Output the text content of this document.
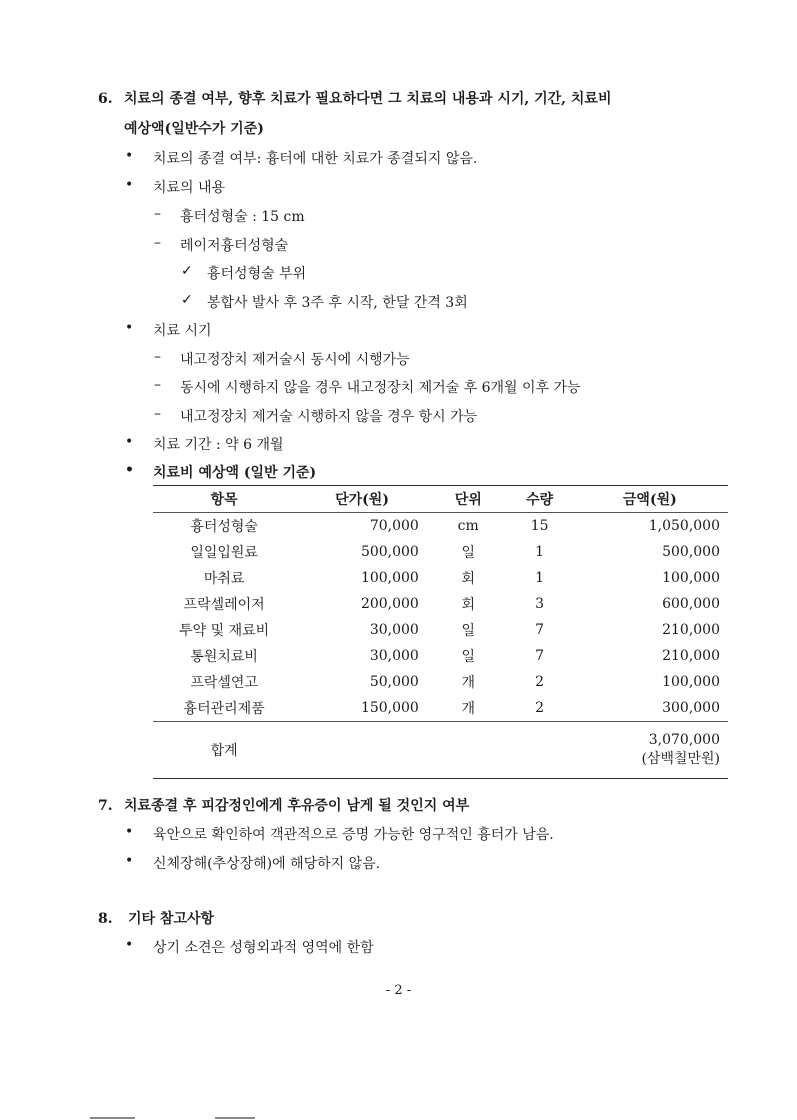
6. 치료의 종결 여부, 향후 치료가 필요하다면 그 치료의 내용과 시기, 기간, 치료비
예상액(일반수가 기준)
• 치료의 종결 여부: 흉터에 대한 치료가 종결되지 않음.
• 치료의 내용
– 흉터성형술 : 15 cm
– 레이저흉터성형술
✓ 흉터성형술 부위
✓ 봉합사 발사 후 3주 후 시작, 한달 간격 3회
• 치료 시기
– 내고정장치 제거술시 동시에 시행가능
– 동시에 시행하지 않을 경우 내고정장치 제거술 후 6개월 이후 가능
– 내고정장치 제거술 시행하지 않을 경우 항시 가능
• 치료 기간 : 약 6 개월
• 치료비 예상액 (일반 기준)
항목	단가(원)	단위	수량	금액(원)
흉터성형술	70,000	cm	15	1,050,000
일일입원료	500,000	일	1	500,000
마취료	100,000	회	1	100,000
프락셀레이저	200,000	회	3	600,000
투약 및 재료비	30,000	일	7	210,000
통원치료비	30,000	일	7	210,000
프락셀연고	50,000	개	2	100,000
흉터관리제품	150,000	개	2	300,000
합계				3,070,000
(삼백칠만원)
7. 치료종결 후 피감정인에게 후유증이 남게 될 것인지 여부
• 육안으로 확인하여 객관적으로 증명 가능한 영구적인 흉터가 남음.
• 신체장해(추상장해)에 해당하지 않음.
8. 기타 참고사항
• 상기 소견은 성형외과적 영역에 한함
- 2 -
